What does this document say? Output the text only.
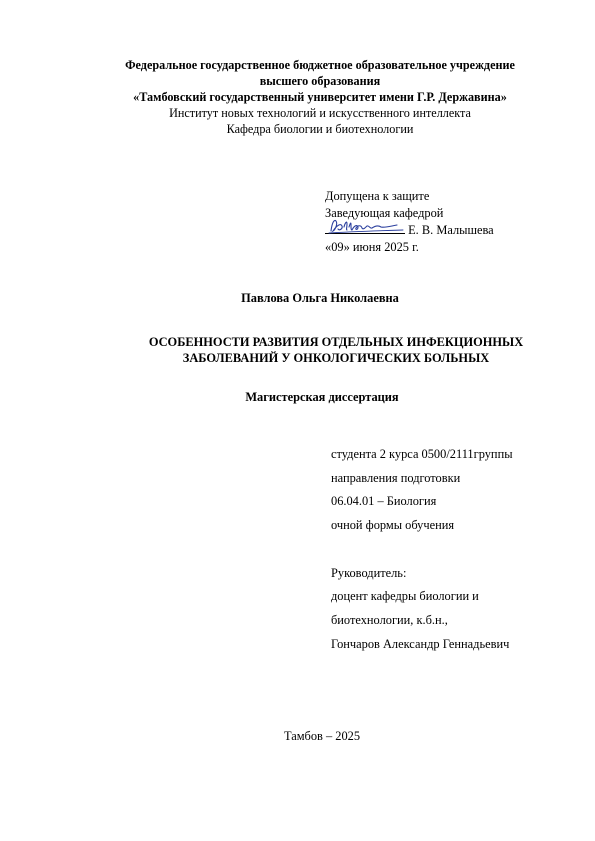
Федеральное государственное бюджетное образовательное учреждение
высшего образования
«Тамбовский государственный университет имени Г.Р. Державина»
Институт новых технологий и искусственного интеллекта
Кафедра биологии и биотехнологии
Допущена к защите
Заведующая кафедрой
Е. В. Малышева
«09» июня 2025 г.
Павлова Ольга Николаевна
ОСОБЕННОСТИ РАЗВИТИЯ ОТДЕЛЬНЫХ ИНФЕКЦИОННЫХ
ЗАБОЛЕВАНИЙ У ОНКОЛОГИЧЕСКИХ БОЛЬНЫХ
Магистерская диссертация
студента 2 курса 0500/2111группы
направления подготовки
06.04.01 – Биология
очной формы обучения
Руководитель:
доцент кафедры биологии и
биотехнологии, к.б.н.,
Гончаров Александр Геннадьевич
Тамбов – 2025
